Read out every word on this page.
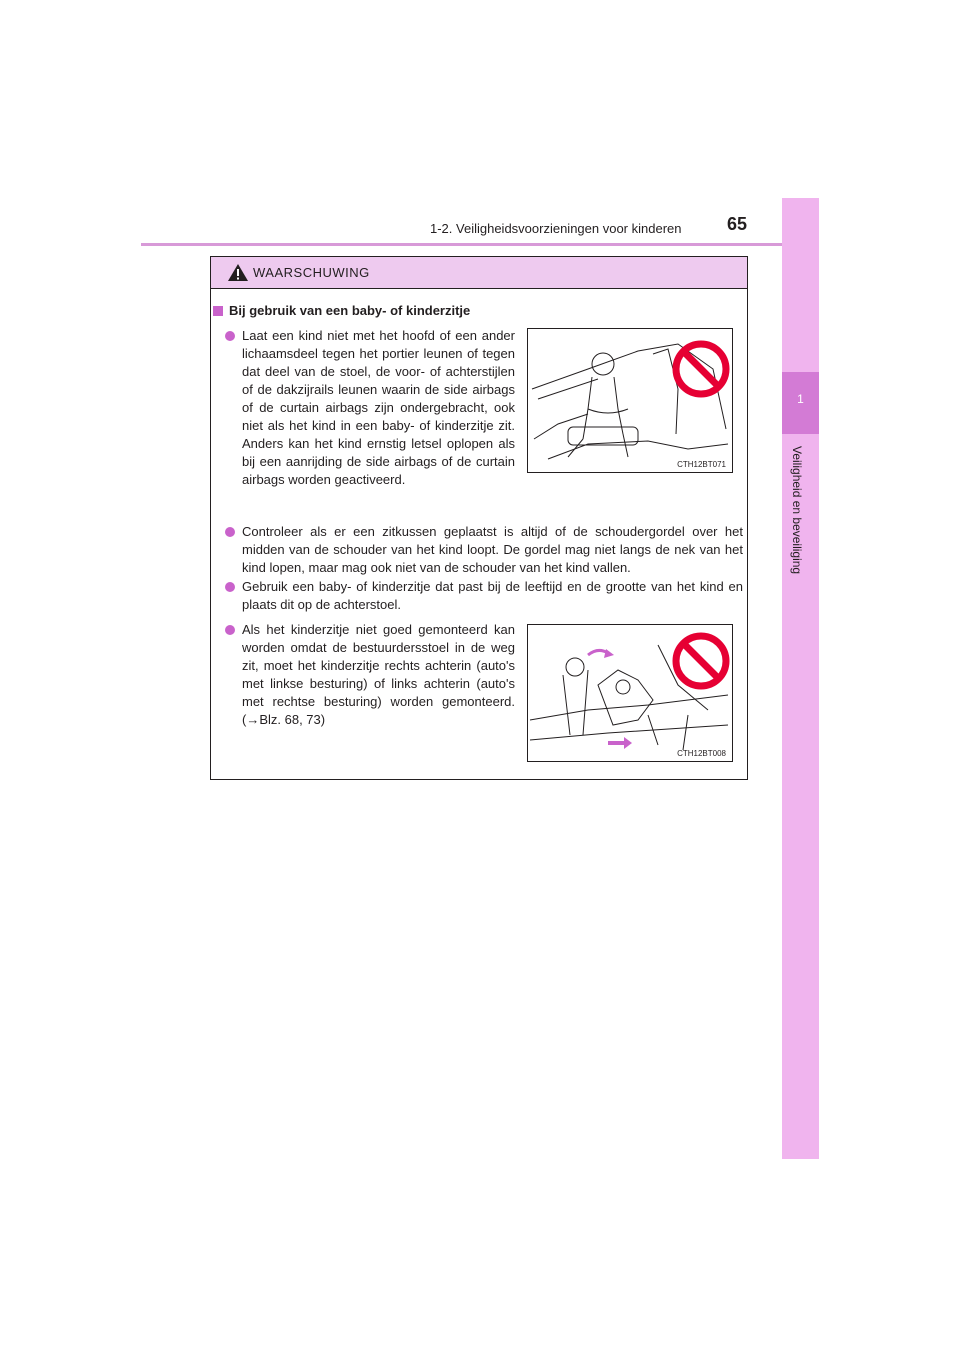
1-2. Veiligheidsvoorzieningen voor kinderen	65
1
Veiligheid en beveiliging
WAARSCHUWING
Bij gebruik van een baby- of kinderzitje
Laat een kind niet met het hoofd of een ander lichaamsdeel tegen het portier leunen of tegen dat deel van de stoel, de voor- of achterstijlen of de dakzijrails leunen waarin de side airbags of de curtain airbags zijn ondergebracht, ook niet als het kind in een baby- of kinderzitje zit. Anders kan het kind ernstig letsel oplopen als bij een aanrijding de side airbags of de curtain airbags worden geactiveerd.
CTH12BT071
Controleer als er een zitkussen geplaatst is altijd of de schoudergordel over het midden van de schouder van het kind loopt. De gordel mag niet langs de nek van het kind lopen, maar mag ook niet van de schouder van het kind vallen.
Gebruik een baby- of kinderzitje dat past bij de leeftijd en de grootte van het kind en plaats dit op de achterstoel.
Als het kinderzitje niet goed gemonteerd kan worden omdat de bestuurdersstoel in de weg zit, moet het kinderzitje rechts achterin (auto's met linkse besturing) of links achterin (auto's met rechtse besturing) worden gemonteerd. (→Blz. 68, 73)
CTH12BT008
